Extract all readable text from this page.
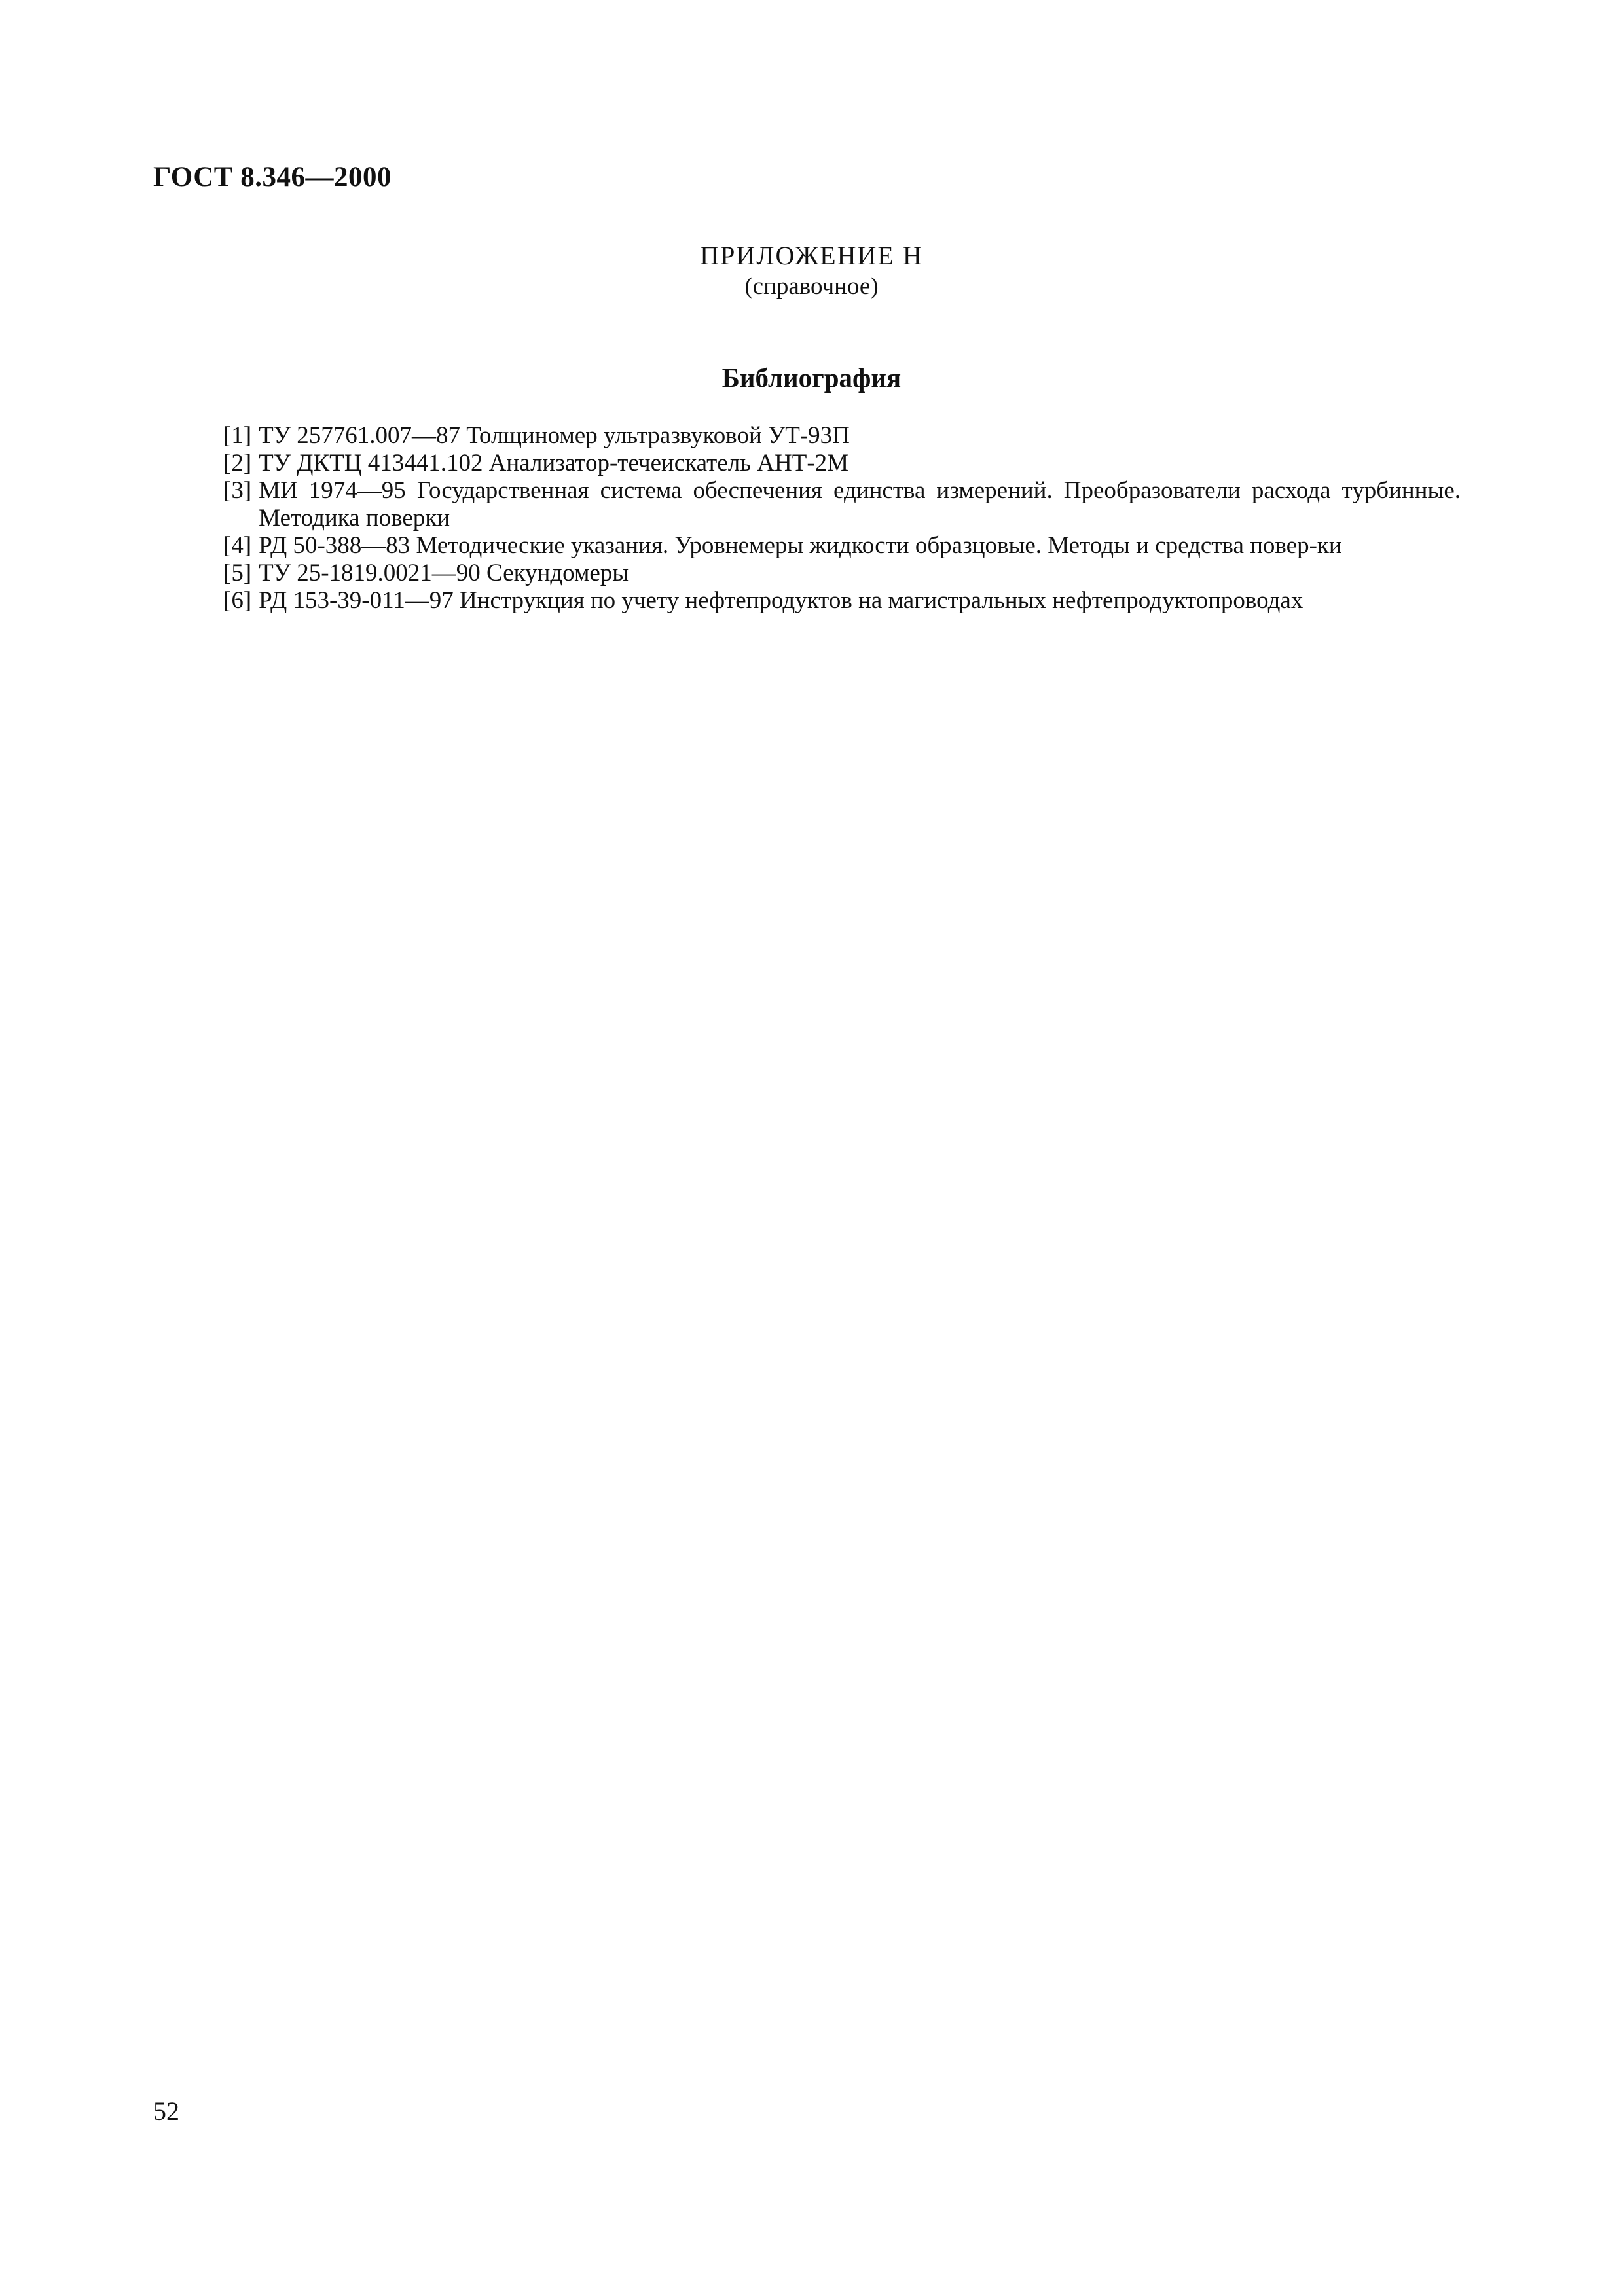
ГОСТ 8.346—2000
ПРИЛОЖЕНИЕ Н
(справочное)
Библиография
[1] ТУ 257761.007—87 Толщиномер ультразвуковой УТ-93П
[2] ТУ ДКТЦ 413441.102 Анализатор-течеискатель АНТ-2М
[3] МИ 1974—95 Государственная система обеспечения единства измерений. Преобразователи расхода турбинные. Методика поверки
[4] РД 50-388—83 Методические указания. Уровнемеры жидкости образцовые. Методы и средства повер-ки
[5] ТУ 25-1819.0021—90 Секундомеры
[6] РД 153-39-011—97 Инструкция по учету нефтепродуктов на магистральных нефтепродуктопроводах
52
